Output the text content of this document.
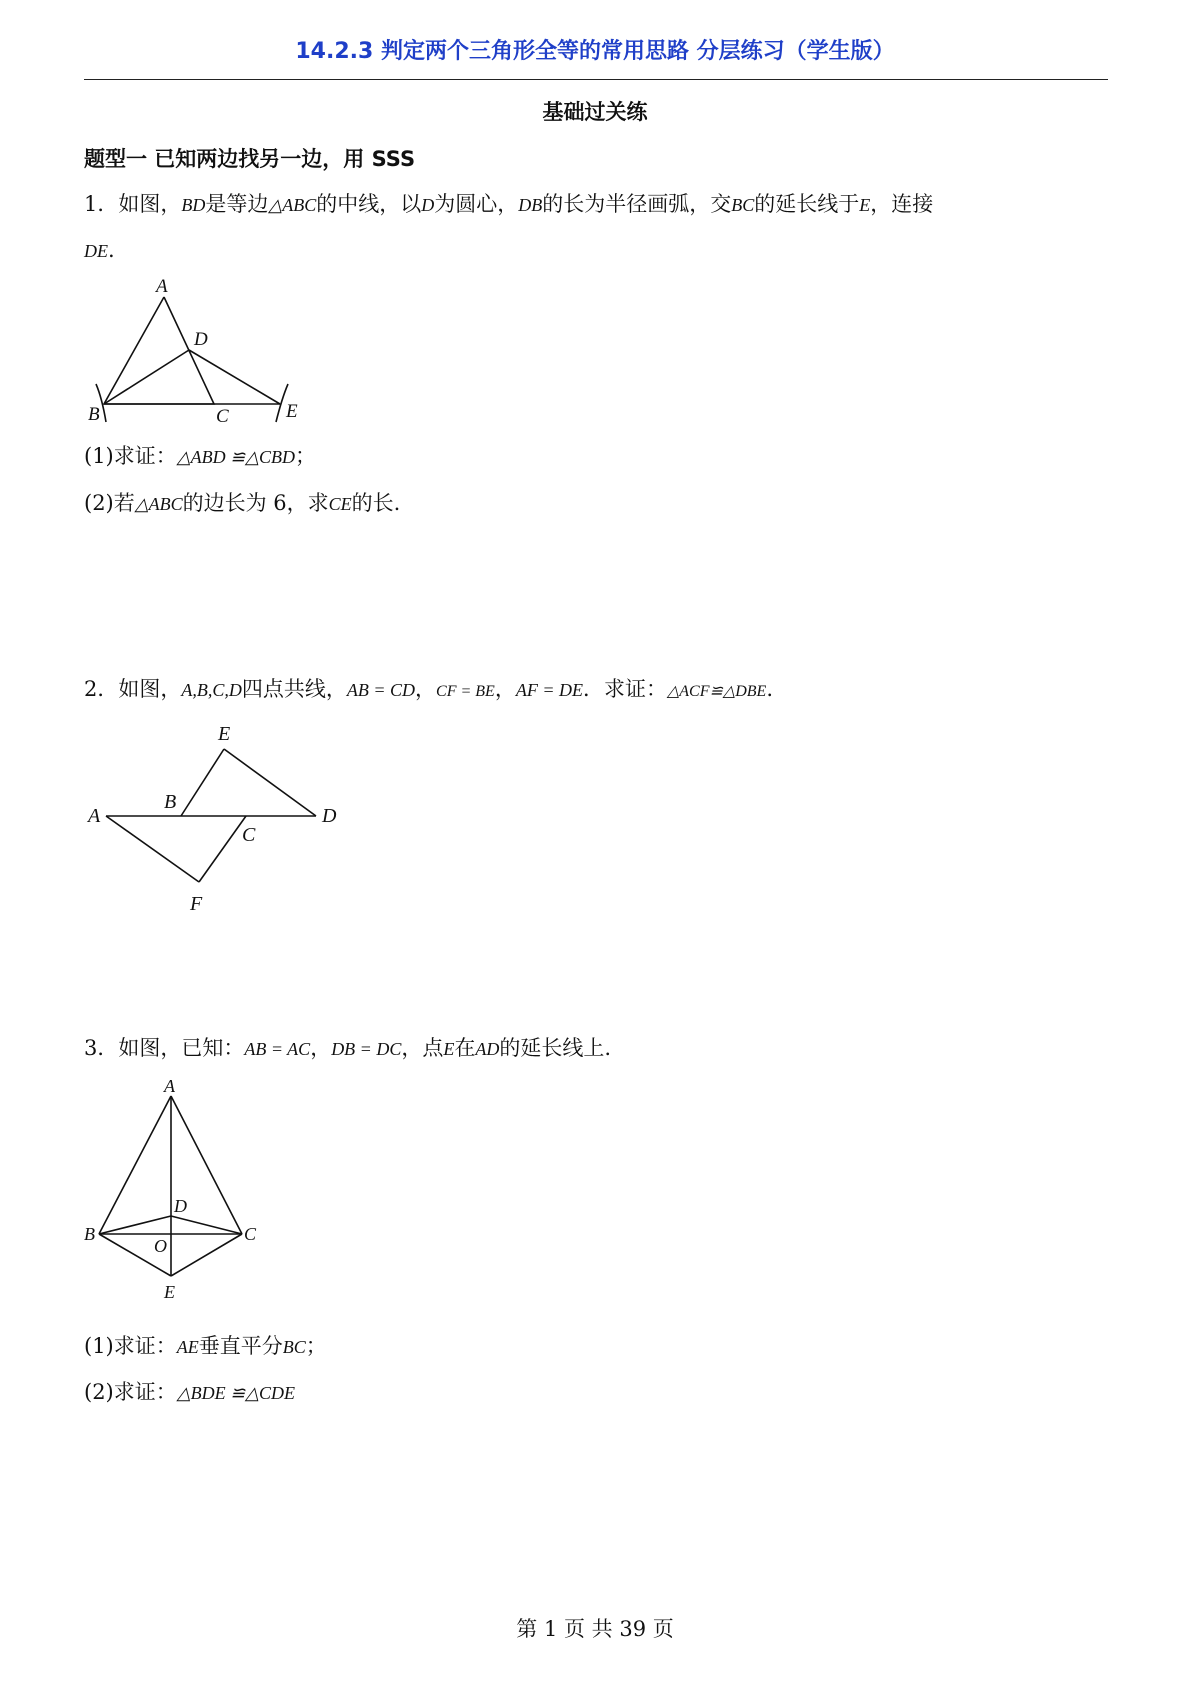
14.2.3 判定两个三角形全等的常用思路 分层练习（学生版）
基础过关练
题型一 已知两边找另一边，用 SSS
1．如图，BD是等边△ABC的中线，以D为圆心，DB的长为半径画弧，交BC的延长线于E，连接
DE.
A
D
B	C	E
(1)求证：△ABD ≌△CBD；
(2)若△ABC的边长为 6，求CE的长.
2．如图，A,B,C,D四点共线，AB = CD，CF = BE，AF = DE．求证：△ACF≌△DBE.
E
B
A	D
C
F
3．如图，已知：AB = AC，DB = DC，点E在AD的延长线上.
A
D
B	C
O
E
(1)求证：AE垂直平分BC；
(2)求证：△BDE ≌△CDE
第 1 页 共 39 页
